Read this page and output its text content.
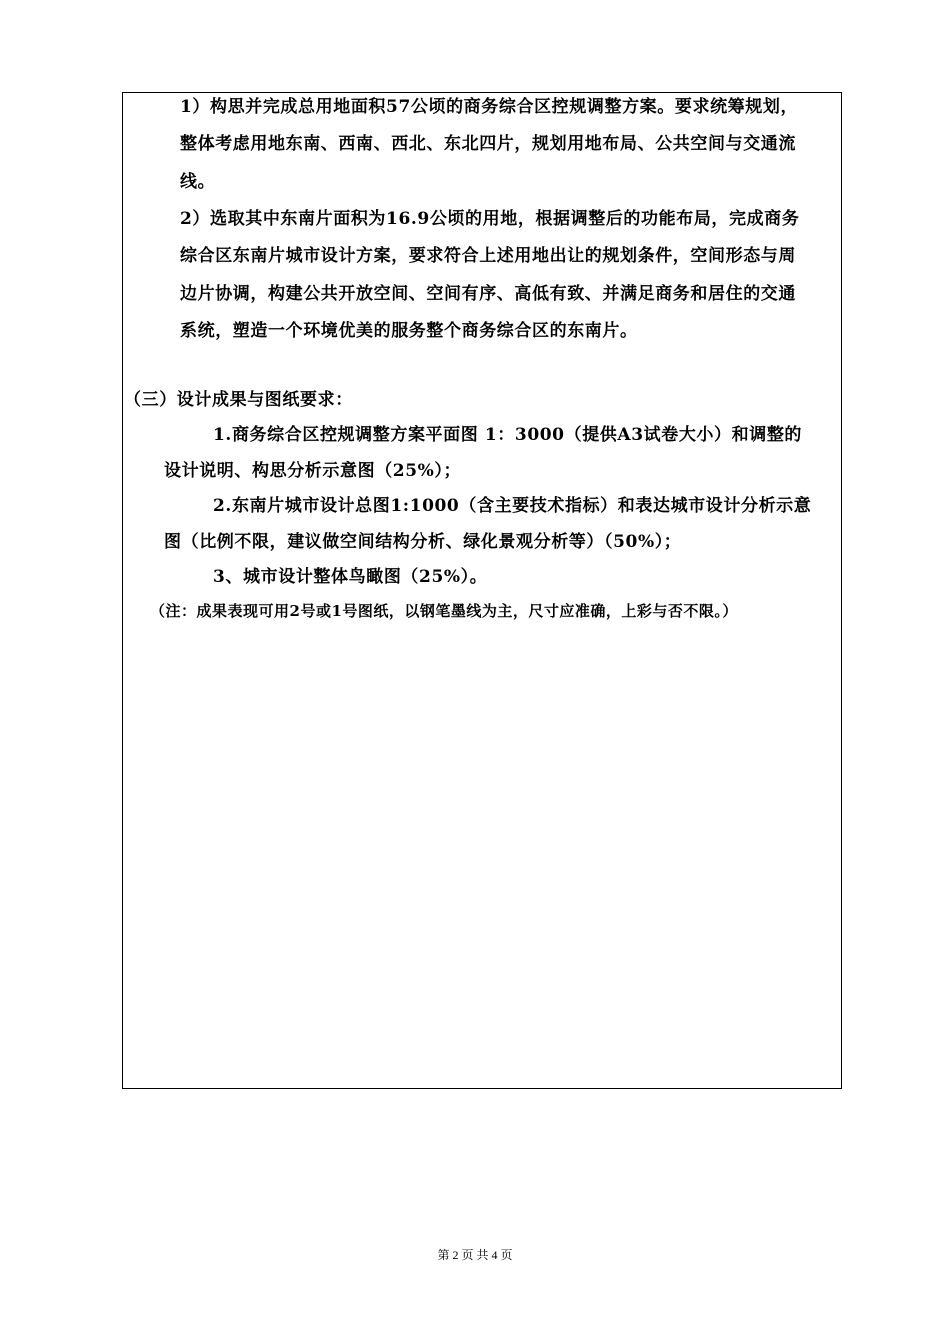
1）构思并完成总用地面积57公顷的商务综合区控规调整方案。要求统筹规划，
整体考虑用地东南、西南、西北、东北四片，规划用地布局、公共空间与交通流
线。
2）选取其中东南片面积为16.9公顷的用地，根据调整后的功能布局，完成商务
综合区东南片城市设计方案，要求符合上述用地出让的规划条件，空间形态与周
边片协调，构建公共开放空间、空间有序、高低有致、并满足商务和居住的交通
系统，塑造一个环境优美的服务整个商务综合区的东南片。
（三）设计成果与图纸要求：
1.商务综合区控规调整方案平面图 1：3000（提供A3试卷大小）和调整的
设计说明、构思分析示意图（25%）；
2.东南片城市设计总图1:1000（含主要技术指标）和表达城市设计分析示意
图（比例不限，建议做空间结构分析、绿化景观分析等）（50%）；
3、城市设计整体鸟瞰图（25%）。
（注：成果表现可用2号或1号图纸，以钢笔墨线为主，尺寸应准确，上彩与否不限。）
第 2 页 共 4 页
